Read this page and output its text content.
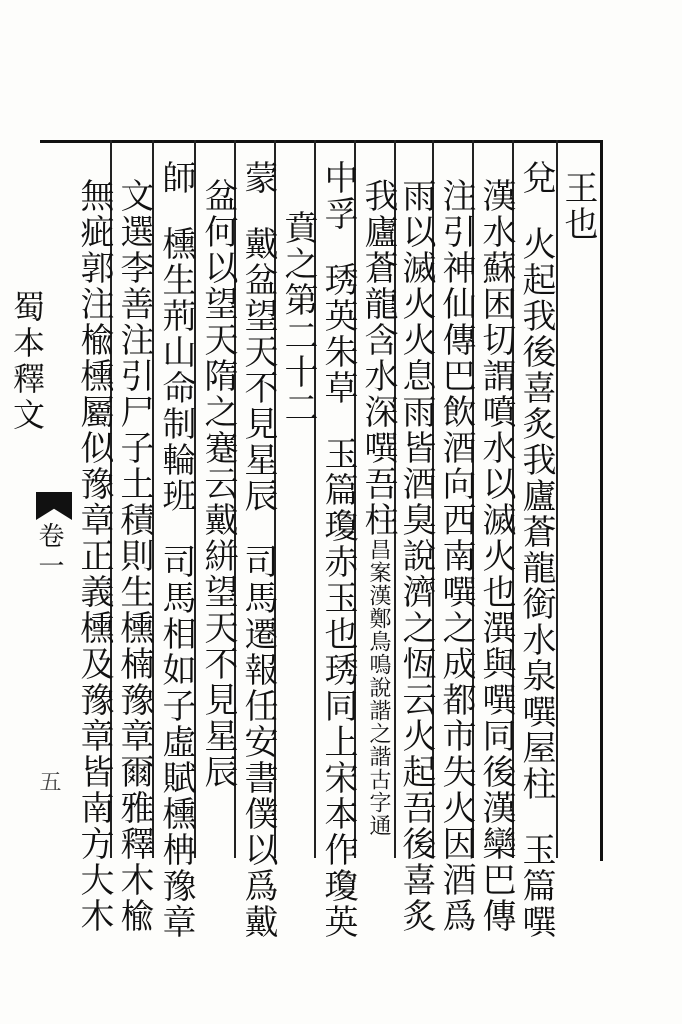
蜀本釋文
卷一
五
王也
兌火起我後喜炙我廬蒼龍銜水泉噀屋柱玉篇噀
漢水蘇困切謂噴水以滅火也潠與噀同後漢欒巴傳
注引神仙傳巴飲酒向西南噀之成都市失火因酒爲
雨以滅火火息雨皆酒臭說濟之恆云火起吾後喜炙
我廬蒼龍含水深噀吾柱昌案漢鄭鳥鳴說諧之諧古字通
中孚琇英朱草玉篇瓊赤玉也琇同上宋本作瓊英
賁之第二十二
蒙戴盆望天不見星辰司馬遷報任安書僕以爲戴
盆何以望天隋之蹇云戴絣望天不見星辰
師櫄生荊山命制輪班司馬相如子虛賦櫄柟豫章
文選李善注引尸子土積則生櫄楠豫章爾雅釋木楡
無疵郭注楡櫄屬似豫章正義櫄及豫章皆南方大木
